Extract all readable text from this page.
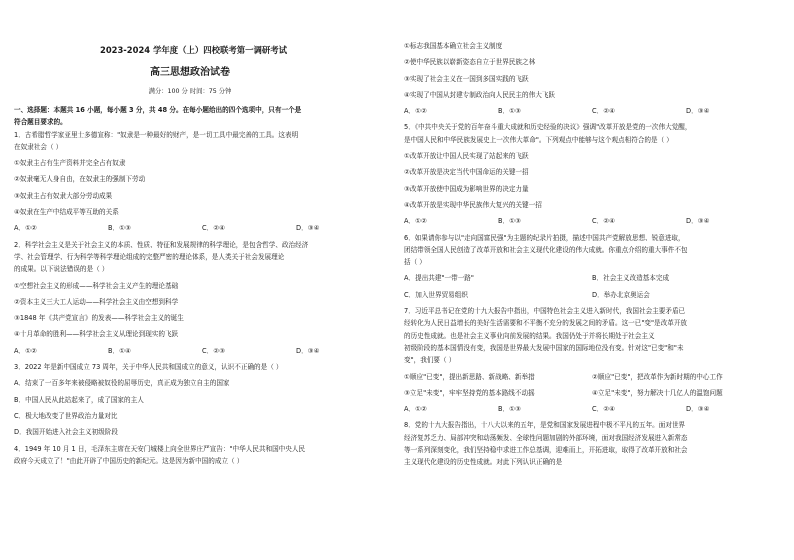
2023-2024 学年度（上）四校联考第一调研考试
高三思想政治试卷
满分：100 分 时间：75 分钟
一、选择题：本题共 16 小题，每小题 3 分，共 48 分。在每小题给出的四个选项中，只有一个是
符合题目要求的。
1．古希腊哲学家亚里士多德宣称："奴隶是一种最好的财产，是一切工具中最完善的工具。这表明
在奴隶社会（ ）
①奴隶主占有生产资料并完全占有奴隶
②奴隶毫无人身自由，在奴隶主的强制下劳动
③奴隶主占有奴隶大部分劳动成果
④奴隶在生产中结成平等互助的关系
A．①②	B．①③	C．②④	D．③④
2．科学社会主义是关于社会主义的本质、性质、特征和发展规律的科学理论，是包含哲学、政治经济
学、社会管理学、行为科学等科学理论组成的完整严密的理论体系，是人类关于社会发展理论
的成果。以下说法错误的是（ ）
①空想社会主义的形成——科学社会主义产生的理论基础
②资本主义三大工人运动——科学社会主义由空想到科学
③1848 年《共产党宣言》的发表——科学社会主义的诞生
④十月革命的胜利——科学社会主义从理论到现实的飞跃
A．①②	B．①④	C．②③	D．③④
3．2022 年是新中国成立 73 周年，关于中华人民共和国成立的意义，认识不正确的是（ ）
A．结束了一百多年来被侵略被奴役的屈辱历史，真正成为独立自主的国家
B．中国人民从此站起来了，成了国家的主人
C．极大地改变了世界政治力量对比
D．我国开始进入社会主义初级阶段
4．1949 年 10 月 1 日，毛泽东主席在天安门城楼上向全世界庄严宣告："中华人民共和国中央人民
政府今天成立了！"由此开辟了中国历史的新纪元。这是因为新中国的成立（ ）
①标志我国基本确立社会主义制度
②使中华民族以崭新姿态自立于世界民族之林
③实现了社会主义在一国到多国实践的飞跃
④实现了中国从封建专制政治向人民民主的伟大飞跃
A．①②	B．①③	C．②④	D．③④
5．《中共中央关于党的百年奋斗重大成就和历史经验的决议》强调"改革开放是党的一次伟大觉醒，
是中国人民和中华民族发展史上一次伟大革命"。下列观点中能够与这个观点相符合的是（ ）
①改革开放让中国人民实现了站起来的飞跃
②改革开放是决定当代中国命运的关键一招
③改革开放使中国成为影响世界的决定力量
④改革开放是实现中华民族伟大复兴的关键一招
A．①②	B．①③	C．②④	D．③④
6．如果请你参与以"走向国富民强"为主题的纪录片拍摄，描述中国共产党解放思想、锐意进取，
团结带领全国人民创造了改革开放和社会主义现代化建设的伟大成就。你重点介绍的重大事件不包
括（ ）
A．提出共建"一带一路"	B．社会主义改造基本完成
C．加入世界贸易组织	D．举办北京奥运会
7．习近平总书记在党的十九大报告中指出，中国特色社会主义进入新时代，我国社会主要矛盾已
经转化为人民日益增长的美好生活需要和不平衡不充分的发展之间的矛盾。这一已"变"是改革开放
的历史性成就。也是社会主义事业向前发展的结果。我国仍处于并将长期处于社会主义
初级阶段的基本国情没有变，我国是世界最大发展中国家的国际地位没有变。针对这"已变"和"未
变"，我们要（ ）
①顺应"已变"，提出新思路、新战略、新举措	②顺应"已变"，把改革作为新时期的中心工作
③立足"未变"，牢牢坚持党的基本路线不动摇	④立足"未变"，努力解决十几亿人的温饱问题
A．①②	B．①③	C．②④	D．③④
8．党的十九大报告指出，十八大以来的五年，是党和国家发展进程中极不平凡的五年。面对世界
经济复苏乏力、局部冲突和动荡频发、全球性问题加剧的外部环境，面对我国经济发展进入新常态
等一系列深刻变化，我们坚持稳中求进工作总基调，迎难而上，开拓进取，取得了改革开放和社会
主义现代化建设的历史性成就。对此下列认识正确的是
